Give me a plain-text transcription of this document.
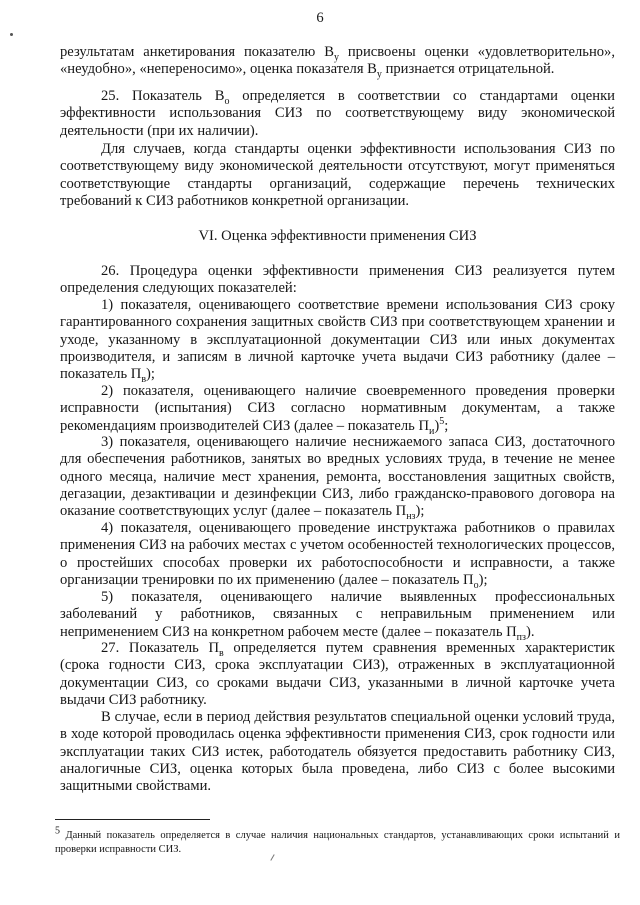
6

результатам анкетирования показателю $В_у$ присвоены оценки «удовлетворительно», «неудобно», «непереносимо», оценка показателя $В_у$ признается отрицательной.

25. Показатель $В_о$ определяется в соответствии со стандартами оценки эффективности использования СИЗ по соответствующему виду экономической деятельности (при их наличии).

Для случаев, когда стандарты оценки эффективности использования СИЗ по соответствующему виду экономической деятельности отсутствуют, могут применяться соответствующие стандарты организаций, содержащие перечень технических требований к СИЗ работников конкретной организации.

VI. Оценка эффективности применения СИЗ

26. Процедура оценки эффективности применения СИЗ реализуется путем определения следующих показателей:

1) показателя, оценивающего соответствие времени использования СИЗ сроку гарантированного сохранения защитных свойств СИЗ при соответствующем хранении и уходе, указанному в эксплуатационной документации СИЗ или иных документах производителя, и записям в личной карточке учета выдачи СИЗ работнику (далее – показатель $П_в$);

2) показателя, оценивающего наличие своевременного проведения проверки исправности (испытания) СИЗ согласно нормативным документам, а также рекомендациям производителей СИЗ (далее – показатель $П_и)^5$;

3) показателя, оценивающего наличие неснижаемого запаса СИЗ, достаточного для обеспечения работников, занятых во вредных условиях труда, в течение не менее одного месяца, наличие мест хранения, ремонта, восстановления защитных свойств, дегазации, дезактивации и дезинфекции СИЗ, либо гражданско-правового договора на оказание соответствующих услуг (далее – показатель $П_{нз}$);

4) показателя, оценивающего проведение инструктажа работников о правилах применения СИЗ на рабочих местах с учетом особенностей технологических процессов, о простейших способах проверки их работоспособности и исправности, а также организации тренировки по их применению (далее – показатель $П_о$);

5) показателя, оценивающего наличие выявленных профессиональных заболеваний у работников, связанных с неправильным применением или неприменением СИЗ на конкретном рабочем месте (далее – показатель $П_{пз}$).

27. Показатель $П_в$ определяется путем сравнения временных характеристик (срока годности СИЗ, срока эксплуатации СИЗ), отраженных в эксплуатационной документации СИЗ, со сроками выдачи СИЗ, указанными в личной карточке учета выдачи СИЗ работнику.

В случае, если в период действия результатов специальной оценки условий труда, в ходе которой проводилась оценка эффективности применения СИЗ, срок годности или эксплуатации таких СИЗ истек, работодатель обязуется предоставить работнику СИЗ, аналогичные СИЗ, оценка которых была проведена, либо СИЗ с более высокими защитными свойствами.

$^5$ Данный показатель определяется в случае наличия национальных стандартов, устанавливающих сроки испытаний и проверки исправности СИЗ.
